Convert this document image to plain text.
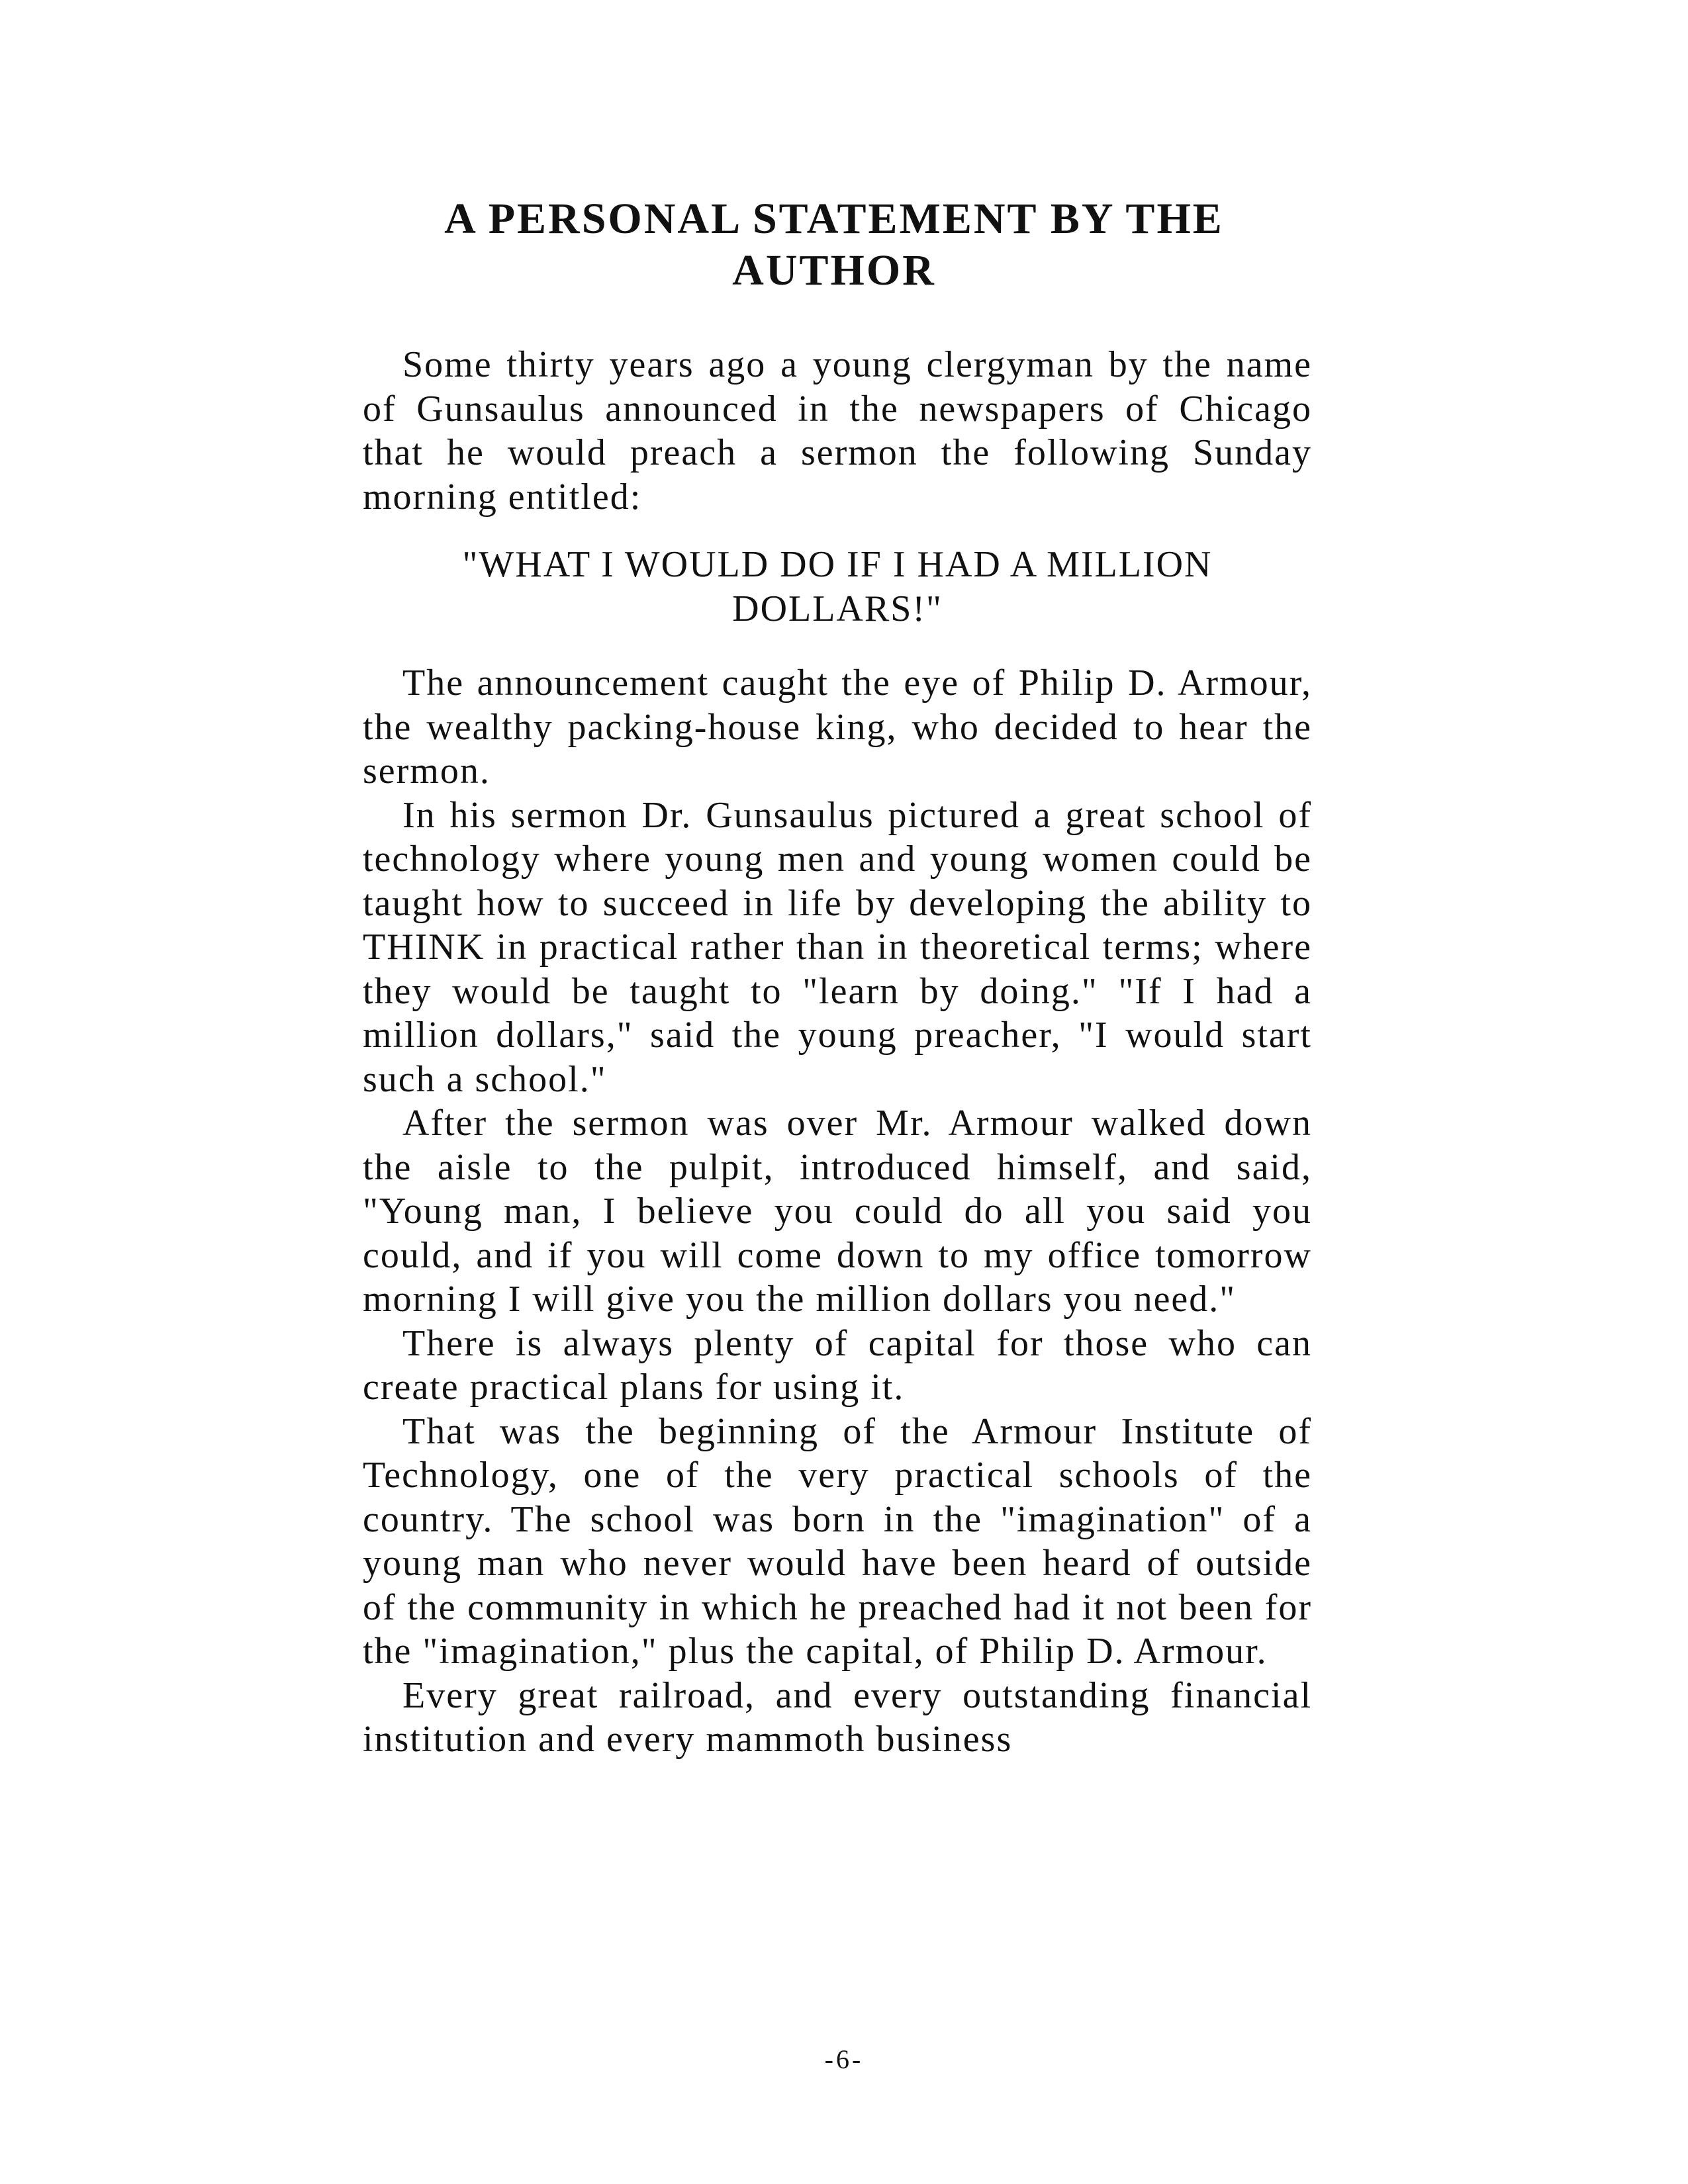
A PERSONAL STATEMENT BY THE AUTHOR

Some thirty years ago a young clergyman by the name of Gunsaulus announced in the newspapers of Chicago that he would preach a sermon the following Sunday morning entitled:

"WHAT I WOULD DO IF I HAD A MILLION DOLLARS!"

The announcement caught the eye of Philip D. Armour, the wealthy packing-house king, who decided to hear the sermon.

In his sermon Dr. Gunsaulus pictured a great school of technology where young men and young women could be taught how to succeed in life by developing the ability to THINK in practical rather than in theoretical terms; where they would be taught to "learn by doing." "If I had a million dollars," said the young preacher, "I would start such a school."

After the sermon was over Mr. Armour walked down the aisle to the pulpit, introduced himself, and said, "Young man, I believe you could do all you said you could, and if you will come down to my office tomorrow morning I will give you the million dollars you need."

There is always plenty of capital for those who can create practical plans for using it.

That was the beginning of the Armour Institute of Technology, one of the very practical schools of the country. The school was born in the "imagination" of a young man who never would have been heard of outside of the community in which he preached had it not been for the "imagination," plus the capital, of Philip D. Armour.

Every great railroad, and every outstanding financial institution and every mammoth business

-6-
